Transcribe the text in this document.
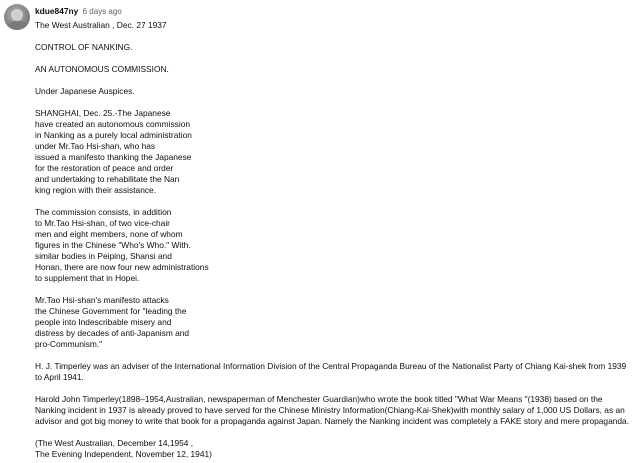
kdue847ny 6 days ago

The West Australian , Dec. 27 1937

CONTROL OF NANKING.

AN AUTONOMOUS COMMISSION.

Under Japanese Auspices.

SHANGHAI, Dec. 25.-The Japanese
have created an autonomous commission
in Nanking as a purely local administration
under Mr.Tao Hsi-shan, who has
issued a manifesto thanking the Japanese
for the restoration of peace and order
and undertaking to rehabilitate the Nan
king region with their assistance.

The commission consists, in addition
to Mr.Tao Hsi-shan, of two vice-chair
men and eight members, none of whom
figures in the Chinese "Who's Who." With.
similar bodies in Peiping, Shansi and
Honan, there are now four new administrations
to supplement that in Hopei.

Mr.Tao Hsi-shan's manifesto attacks
the Chinese Government for "leading the
people into Indescribable misery and
distress by decades of anti-Japanism and
pro-Communism."

H. J. Timperley was an adviser of the International Information Division of the Central Propaganda Bureau of the Nationalist Party of Chiang Kai-shek from 1939 to April 1941.

Harold John Timperley(1898–1954,Australian, newspaperman of Menchester Guardian)who wrote the book titled "What War Means "(1938) based on the Nanking incident in 1937 is already proved to have served for the Chinese Ministry Information(Chiang-Kai-Shek)with monthly salary of 1,000 US Dollars, as an advisor and got big money to write that book for a propaganda against Japan. Namely the Nanking incident was completely a FAKE story and mere propaganda.

(The West Australian, December 14,1954 ,
The Evening Independent, November 12, 1941)
